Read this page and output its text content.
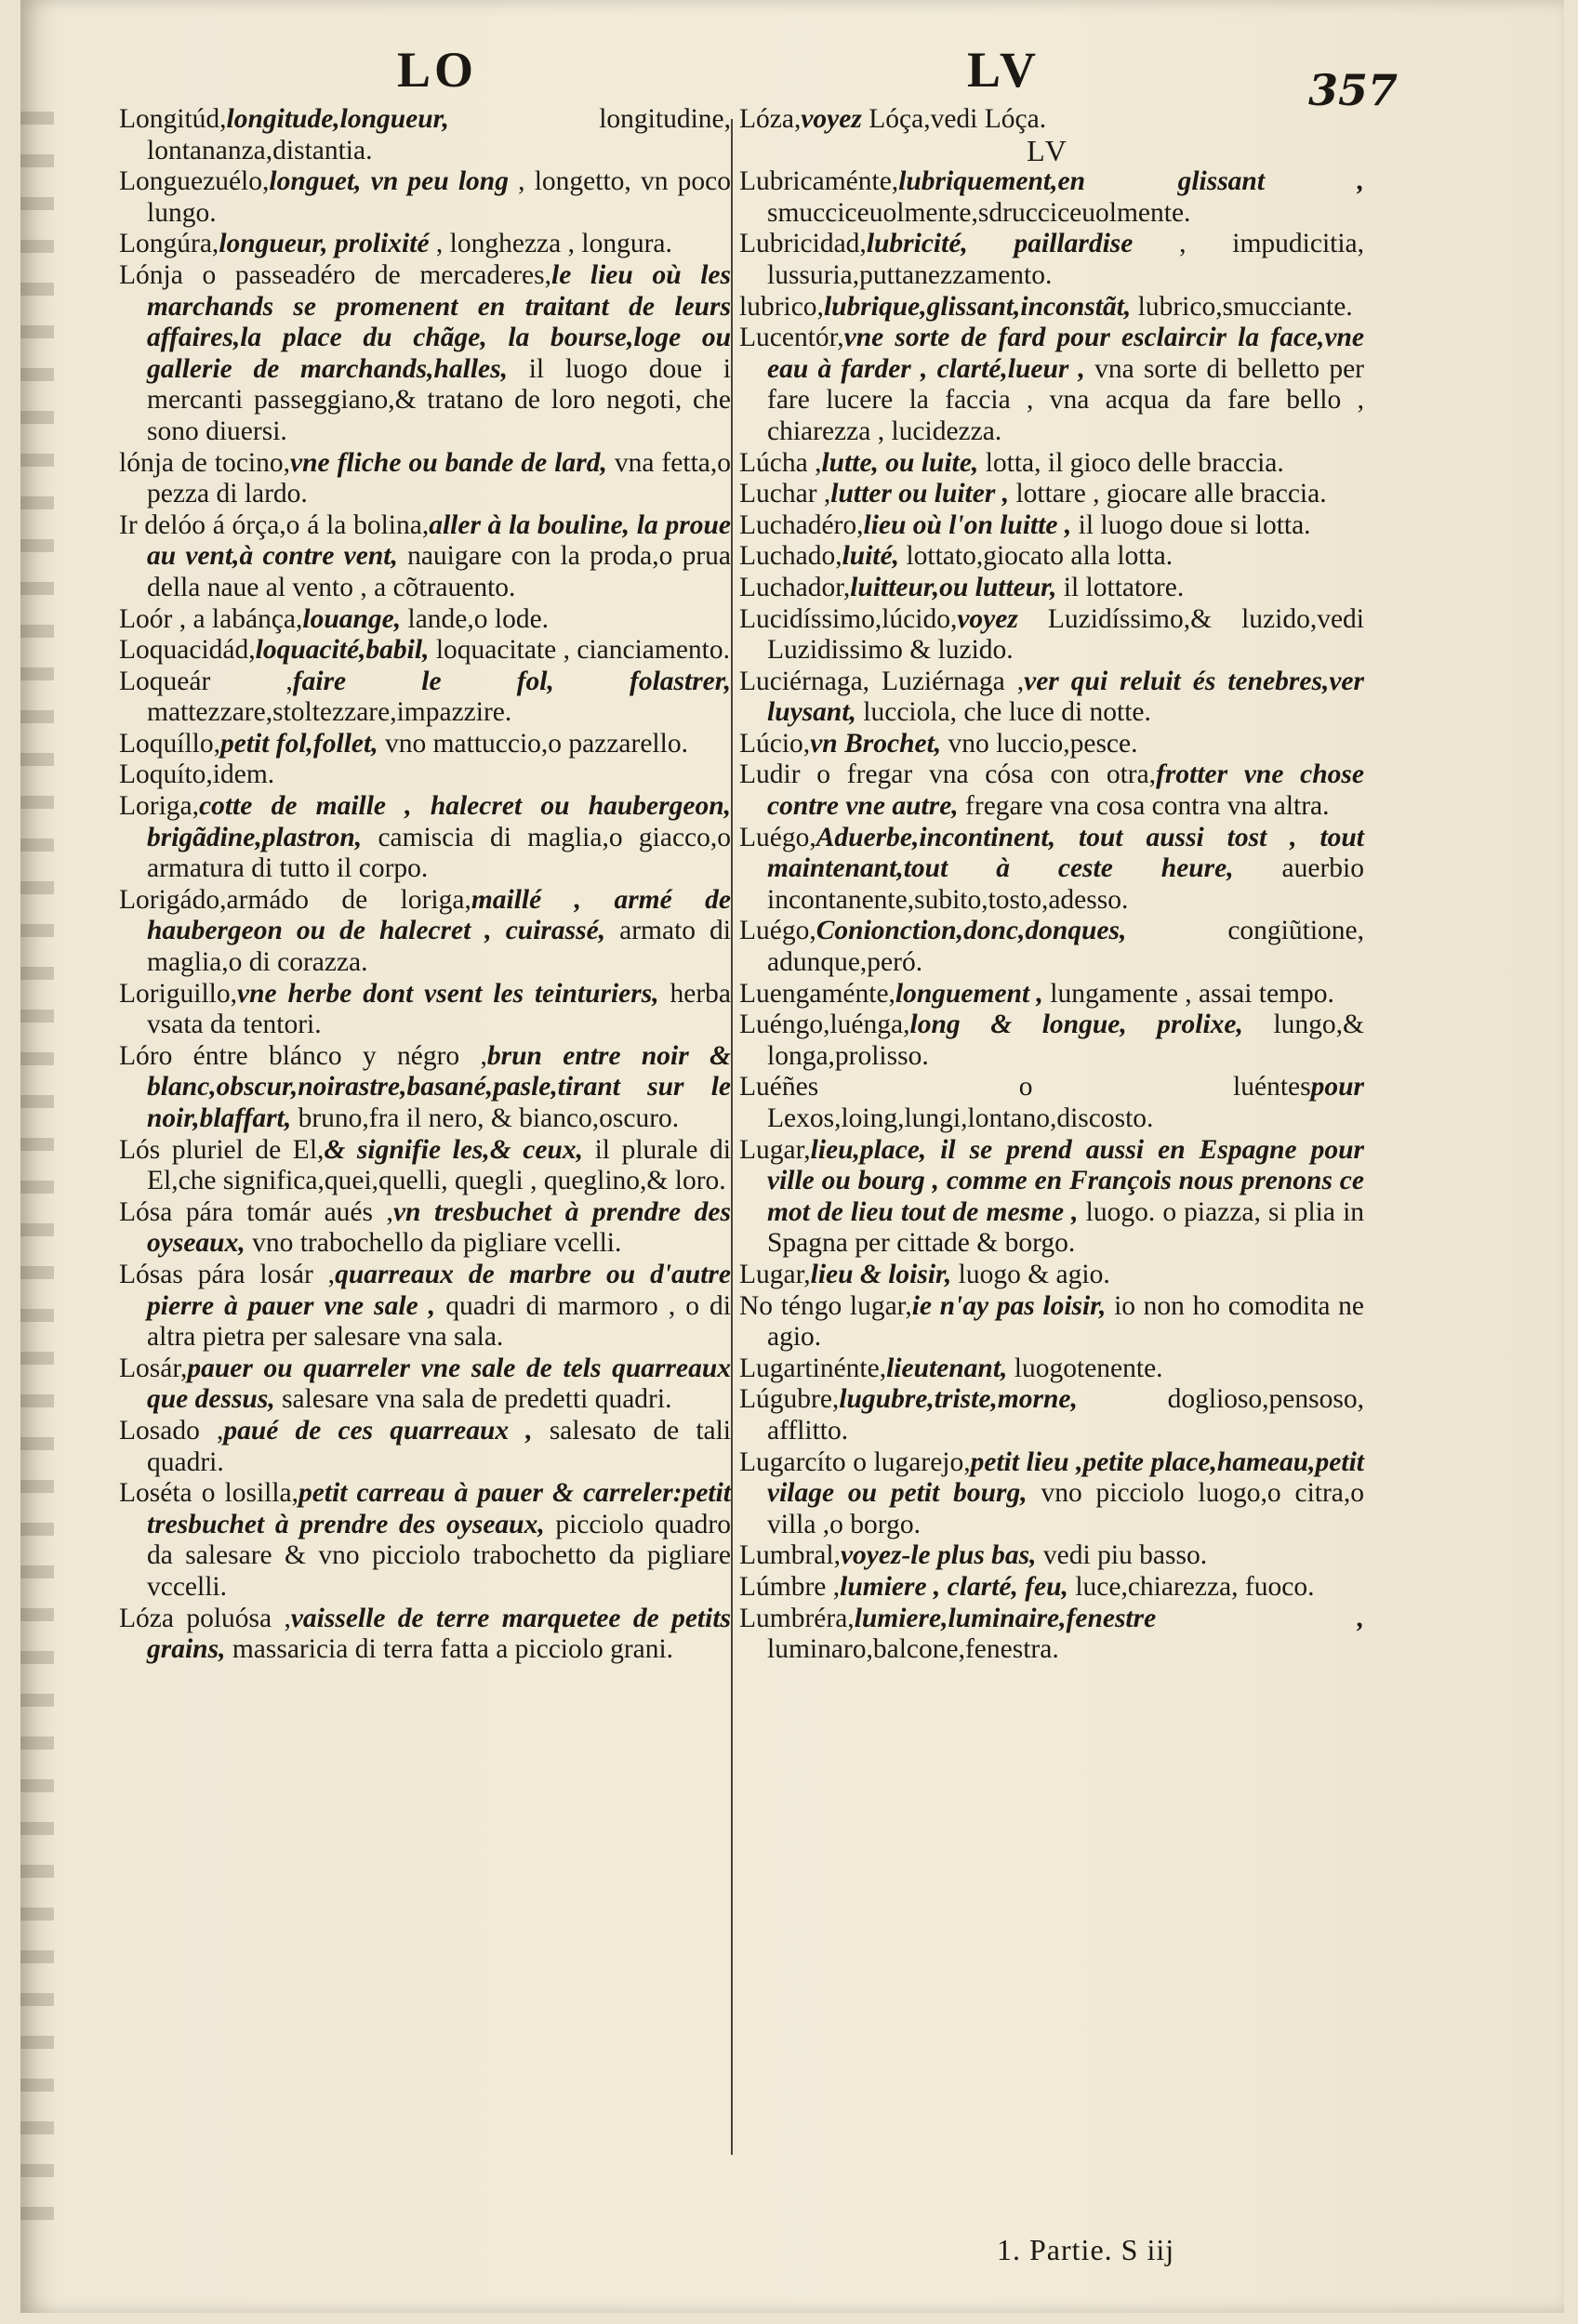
LO	LV	357

Longitúd,longitude,longueur,	longitudine, lontananza,distantia.

Longuezuélo,longuet, vn peu long , longetto, vn poco lungo.

Longúra,longueur, prolixité , longhezza , longura.

Lónja o passeadéro de mercaderes,le lieu où les marchands se promenent en traitant de leurs affaires,la place du chãge, la bourse,loge ou gallerie de marchands,halles, il luogo doue i mercanti passeggiano,& tratano de loro negoti, che sono diuersi.

lónja de tocino,vne fliche ou bande de lard, vna fetta,o pezza di lardo.

Ir delóo á órça,o á la bolina,aller à la bouline, la proue au vent,à contre vent, nauigare con la proda,o prua della naue al vento , a cõtrauento.

Loór , a labánça,louange, lande,o lode.

Loquacidád,loquacité,babil, loquacitate , cianciamento.

Loqueár ,faire le fol, folastrer, mattezzare,stoltezzare,impazzire.

Loquíllo,petit fol,follet, vno mattuccio,o pazzarello.

Loquíto,idem.

Loriga,cotte de maille , halecret ou haubergeon, brigãdine,plastron, camiscia di maglia,o giacco,o armatura di tutto il corpo.

Lorigádo,armádo de loriga,maillé , armé de haubergeon ou de halecret , cuirassé, armato di maglia,o di corazza.

Loriguillo,vne herbe dont vsent les teinturiers, herba vsata da tentori.

Lóro éntre blánco y négro ,brun entre noir & blanc,obscur,noirastre,basané,pasle,tirant sur le noir,blaffart, bruno,fra il nero, & bianco,oscuro.

Lós pluriel de El,& signifie les,& ceux, il plurale di El,che significa,quei,quelli, quegli , queglino,& loro.

Lósa pára tomár aués ,vn tresbuchet à prendre des oyseaux, vno trabochello da pigliare vcelli.

Lósas pára losár ,quarreaux de marbre ou d'autre pierre à pauer vne sale , quadri di marmoro , o di altra pietra per salesare vna sala.

Losár,pauer ou quarreler vne sale de tels quarreaux que dessus, salesare vna sala de predetti quadri.

Losado ,paué de ces quarreaux , salesato de tali quadri.

Loséta o losilla,petit carreau à pauer & carreler:petit tresbuchet à prendre des oyseaux, picciolo quadro da salesare & vno picciolo trabochetto da pigliare vccelli.

Lóza poluósa ,vaisselle de terre marquetee de petits grains, massaricia di terra fatta a picciolo grani.

Lóza,voyez Lóça,vedi Lóça.

LV

Lubricaménte,lubriquement,en glissant , smucciceuolmente,sdrucciceuolmente.

Lubricidad,lubricité, paillardise , impudicitia, lussuria,puttanezzamento.

lubrico,lubrique,glissant,inconstãt, lubrico,smucciante.

Lucentór,vne sorte de fard pour esclaircir la face,vne eau à farder , clarté,lueur , vna sorte di belletto per fare lucere la faccia , vna acqua da fare bello , chiarezza , lucidezza.

Lúcha ,lutte, ou luite, lotta, il gioco delle braccia.

Luchar ,lutter ou luiter , lottare , giocare alle braccia.

Luchadéro,lieu où l'on luitte , il luogo doue si lotta.

Luchado,luité, lottato,giocato alla lotta.

Luchador,luitteur,ou lutteur, il lottatore.

Lucidíssimo,lúcido,voyez Luzidíssimo,& luzido,vedi Luzidissimo & luzido.

Luciérnaga, Luziérnaga ,ver qui reluit és tenebres,ver luysant, lucciola, che luce di notte.

Lúcio,vn Brochet, vno luccio,pesce.

Ludir o fregar vna cósa con otra,frotter vne chose contre vne autre, fregare vna cosa contra vna altra.

Luégo,Aduerbe,incontinent, tout aussi tost , tout maintenant,tout à ceste heure, auerbio incontanente,subito,tosto,adesso.

Luégo,Conionction,donc,donques,	congiũtione, adunque,peró.

Luengaménte,longuement , lungamente , assai tempo.

Luéngo,luénga,long & longue, prolixe, lungo,& longa,prolisso.

Luéñes o luéntespour Lexos,loing,lungi,lontano,discosto.

Lugar,lieu,place, il se prend aussi en Espagne pour ville ou bourg , comme en François nous prenons ce mot de lieu tout de mesme , luogo. o piazza, si plia in Spagna per cittade & borgo.

Lugar,lieu & loisir, luogo & agio.

No téngo lugar,ie n'ay pas loisir, io non ho comodita ne agio.

Lugartinénte,lieutenant, luogotenente.

Lúgubre,lugubre,triste,morne,	doglioso,pensoso, afflitto.

Lugarcíto o lugarejo,petit lieu ,petite place,hameau,petit vilage ou petit bourg, vno picciolo luogo,o citra,o villa ,o borgo.

Lumbral,voyez-le plus bas, vedi piu basso.

Lúmbre ,lumiere , clarté, feu, luce,chiarezza, fuoco.

Lumbréra,lumiere,luminaire,fenestre , luminaro,balcone,fenestra.

1. Partie. S iij
